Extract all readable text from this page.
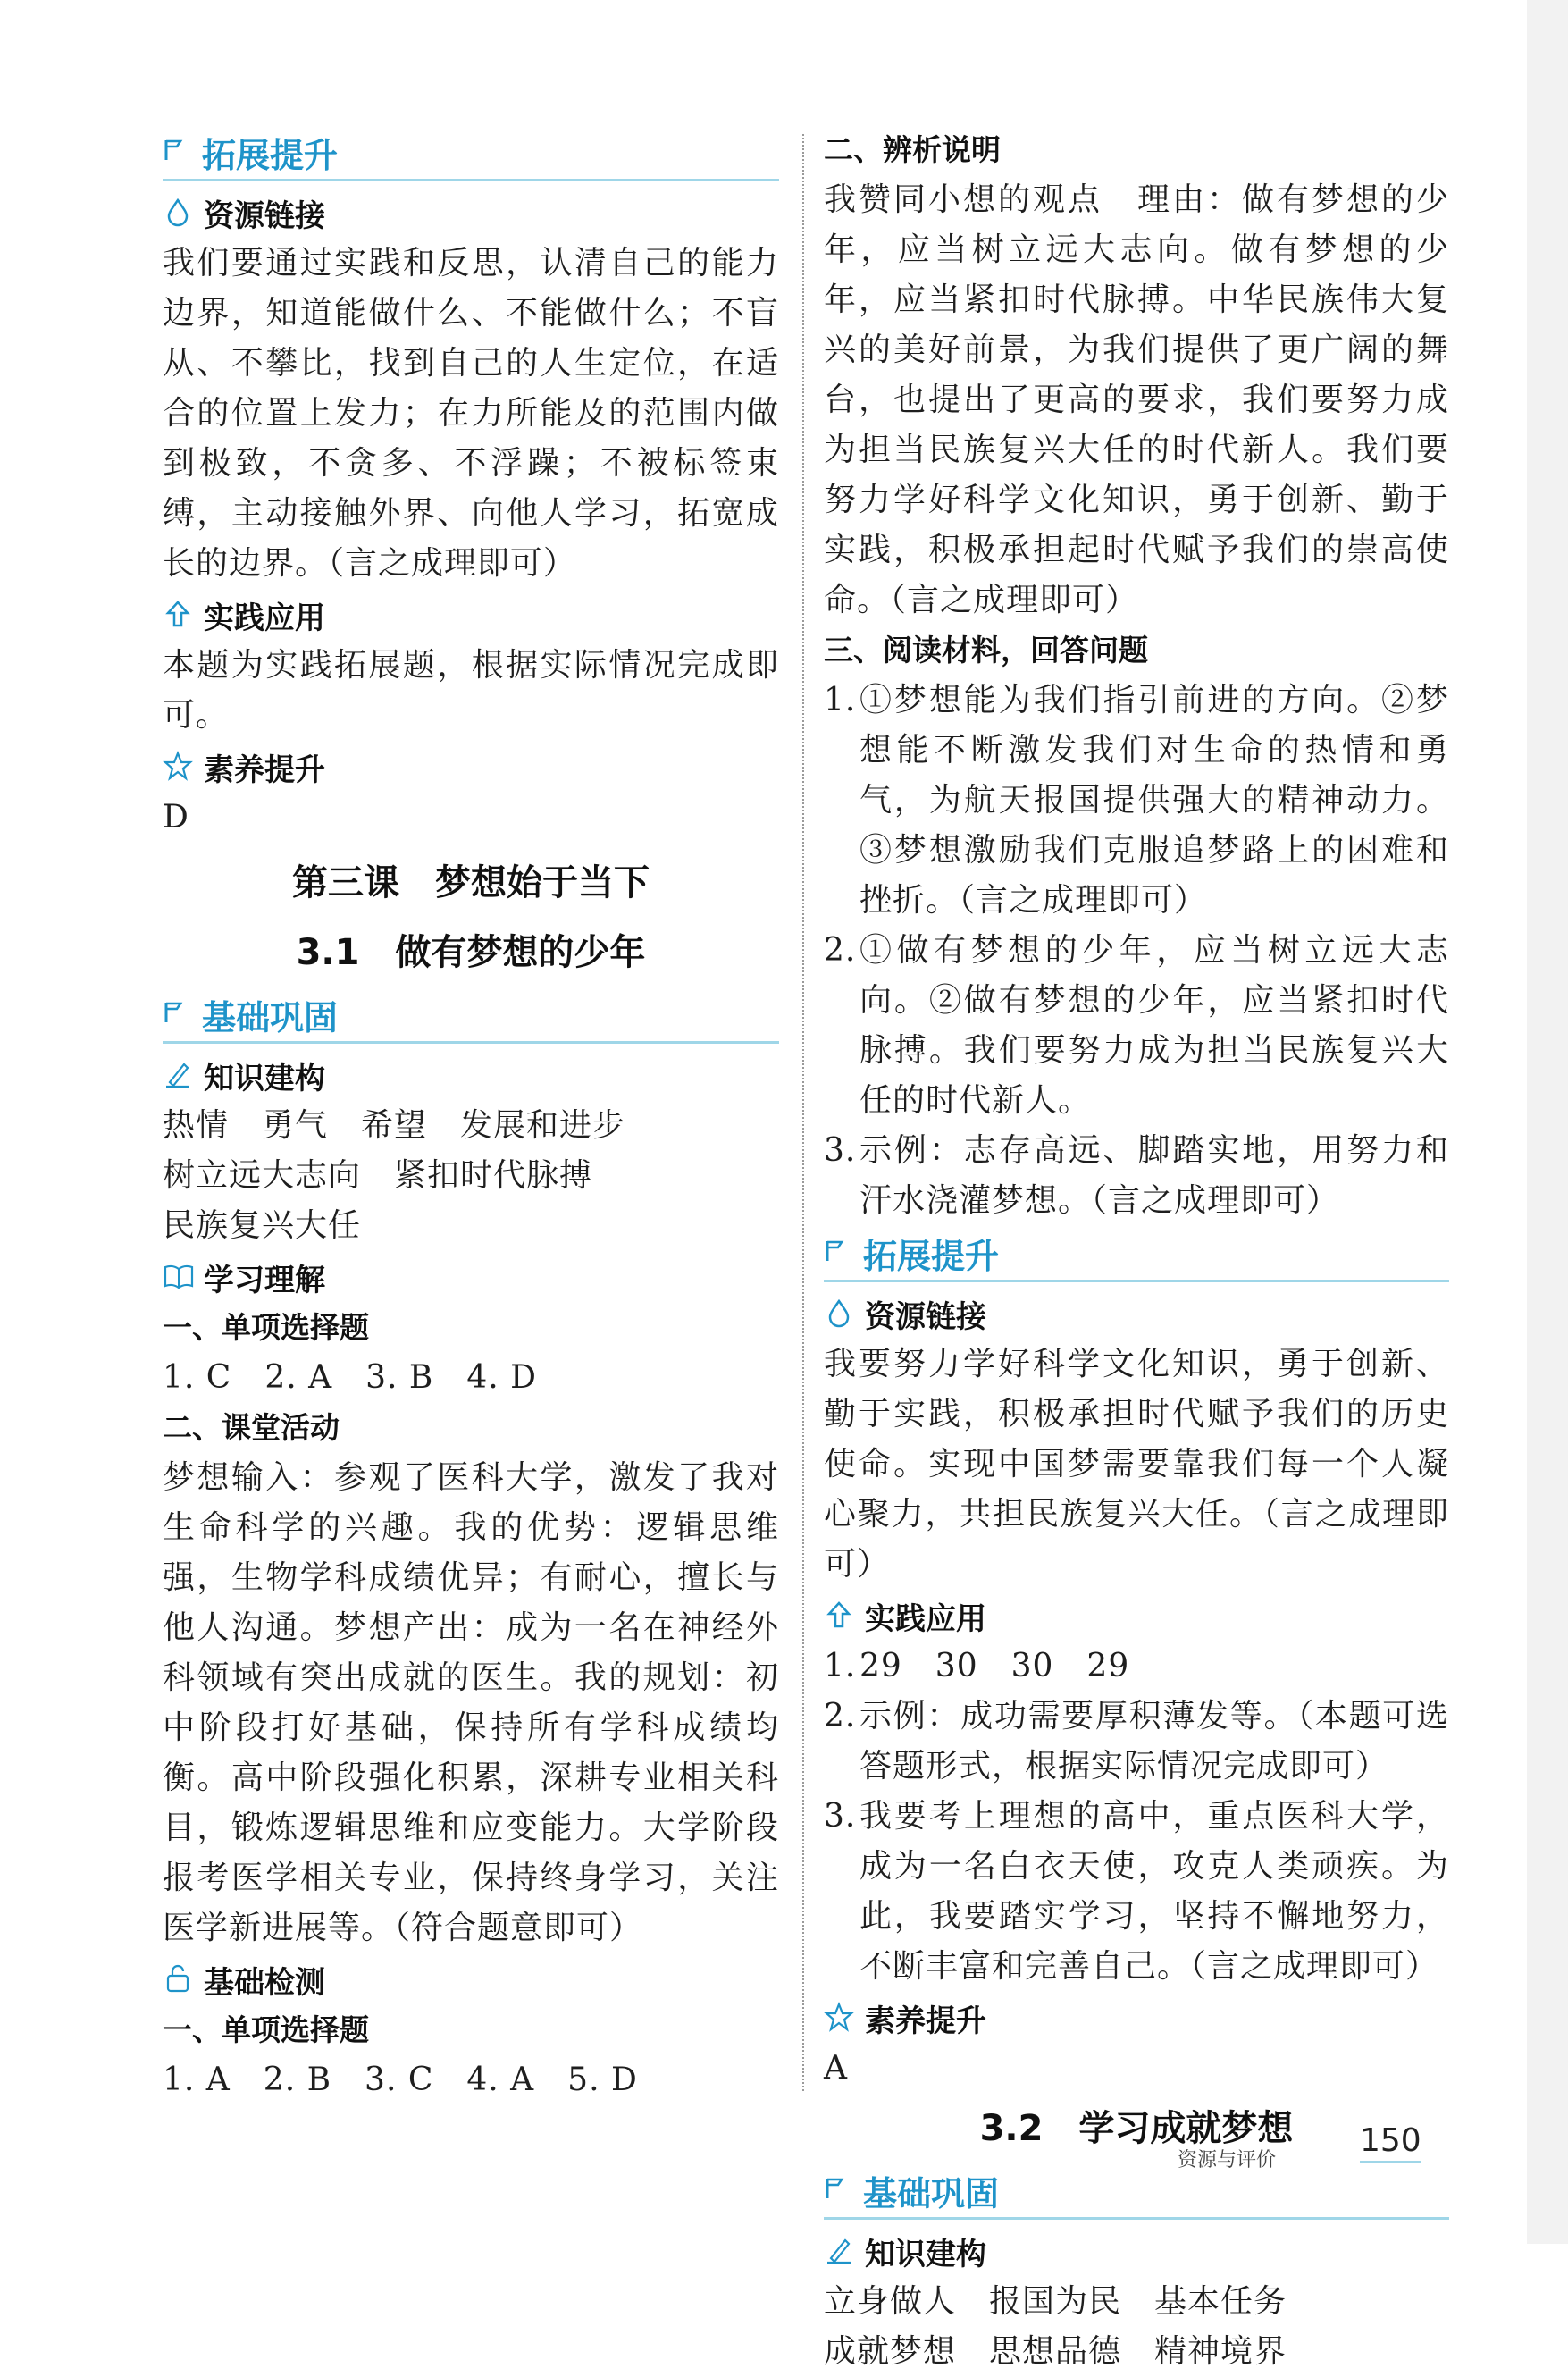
拓展提升
资源链接

我们要通过实践和反思，认清自己的能力边界，知道能做什么、不能做什么；不盲从、不攀比，找到自己的人生定位，在适合的位置上发力；在力所能及的范围内做到极致，不贪多、不浮躁；不被标签束缚，主动接触外界、向他人学习，拓宽成长的边界。（言之成理即可）

实践应用

本题为实践拓展题，根据实际情况完成即可。

素养提升

D

第三课　梦想始于当下
3.1　做有梦想的少年
基础巩固
知识建构

热情　勇气　希望　发展和进步

树立远大志向　紧扣时代脉搏

民族复兴大任

学习理解
一、单项选择题

1. C　2. A　3. B　4. D

二、课堂活动

梦想输入：参观了医科大学，激发了我对生命科学的兴趣。我的优势：逻辑思维强，生物学科成绩优异；有耐心，擅长与他人沟通。梦想产出：成为一名在神经外科领域有突出成就的医生。我的规划：初中阶段打好基础，保持所有学科成绩均衡。高中阶段强化积累，深耕专业相关科目，锻炼逻辑思维和应变能力。大学阶段报考医学相关专业，保持终身学习，关注医学新进展等。（符合题意即可）

基础检测
一、单项选择题

1. A　2. B　3. C　4. A　5. D

二、辨析说明

我赞同小想的观点　理由：做有梦想的少年，应当树立远大志向。做有梦想的少年，应当紧扣时代脉搏。中华民族伟大复兴的美好前景，为我们提供了更广阔的舞台，也提出了更高的要求，我们要努力成为担当民族复兴大任的时代新人。我们要努力学好科学文化知识，勇于创新、勤于实践，积极承担起时代赋予我们的崇高使命。（言之成理即可）

三、阅读材料，回答问题
1. ①梦想能为我们指引前进的方向。②梦想能不断激发我们对生命的热情和勇气，为航天报国提供强大的精神动力。③梦想激励我们克服追梦路上的困难和挫折。（言之成理即可）
2. ①做有梦想的少年，应当树立远大志向。②做有梦想的少年，应当紧扣时代脉搏。我们要努力成为担当民族复兴大任的时代新人。
3. 示例：志存高远、脚踏实地，用努力和汗水浇灌梦想。（言之成理即可）
拓展提升
资源链接

我要努力学好科学文化知识，勇于创新、勤于实践，积极承担时代赋予我们的历史使命。实现中国梦需要靠我们每一个人凝心聚力，共担民族复兴大任。（言之成理即可）

实践应用
1. 29　30　30　29
2. 示例：成功需要厚积薄发等。（本题可选答题形式，根据实际情况完成即可）
3. 我要考上理想的高中，重点医科大学，成为一名白衣天使，攻克人类顽疾。为此，我要踏实学习，坚持不懈地努力，不断丰富和完善自己。（言之成理即可）
素养提升

A

3.2　学习成就梦想
基础巩固
知识建构

立身做人　报国为民　基本任务

成就梦想　思想品德　精神境界

资源与评价
150
